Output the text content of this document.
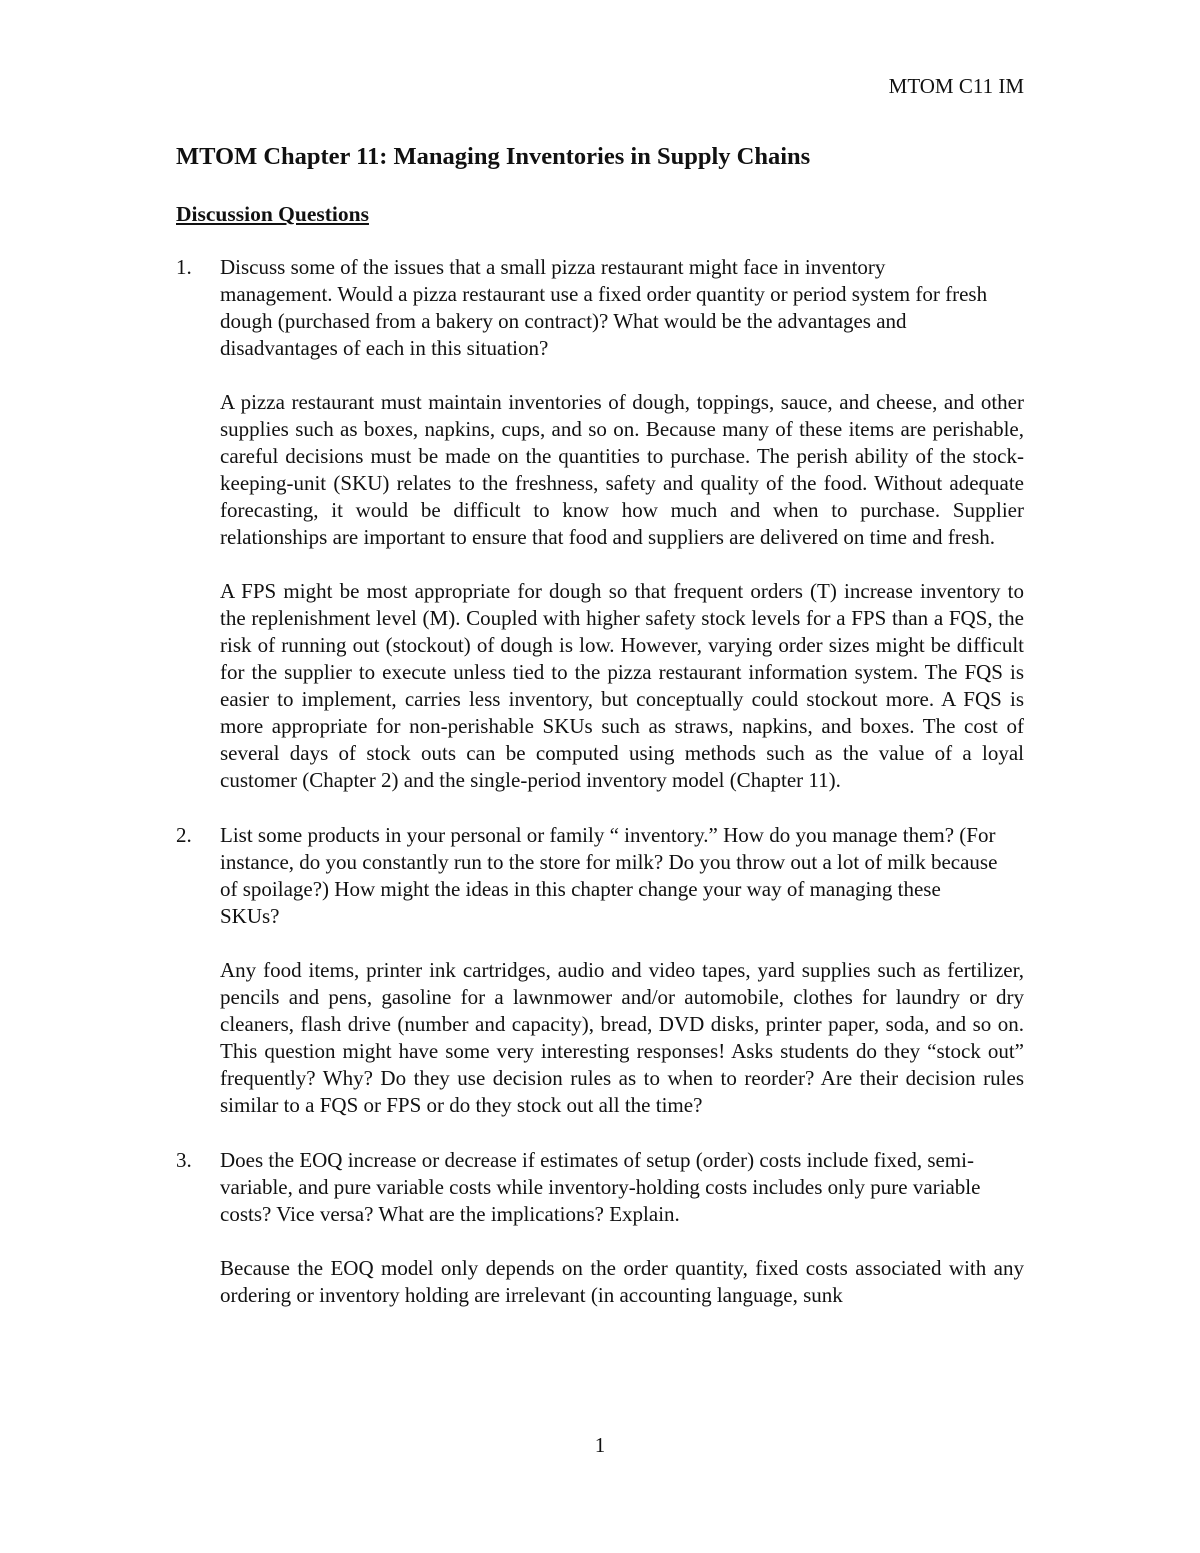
MTOM C11 IM
MTOM Chapter 11: Managing Inventories in Supply Chains
Discussion Questions
1. Discuss some of the issues that a small pizza restaurant might face in inventory management. Would a pizza restaurant use a fixed order quantity or period system for fresh dough (purchased from a bakery on contract)? What would be the advantages and disadvantages of each in this situation?

A pizza restaurant must maintain inventories of dough, toppings, sauce, and cheese, and other supplies such as boxes, napkins, cups, and so on. Because many of these items are perishable, careful decisions must be made on the quantities to purchase. The perish ability of the stock-keeping-unit (SKU) relates to the freshness, safety and quality of the food. Without adequate forecasting, it would be difficult to know how much and when to purchase. Supplier relationships are important to ensure that food and suppliers are delivered on time and fresh.

A FPS might be most appropriate for dough so that frequent orders (T) increase inventory to the replenishment level (M). Coupled with higher safety stock levels for a FPS than a FQS, the risk of running out (stockout) of dough is low. However, varying order sizes might be difficult for the supplier to execute unless tied to the pizza restaurant information system. The FQS is easier to implement, carries less inventory, but conceptually could stockout more. A FQS is more appropriate for non-perishable SKUs such as straws, napkins, and boxes. The cost of several days of stock outs can be computed using methods such as the value of a loyal customer (Chapter 2) and the single-period inventory model (Chapter 11).

2. List some products in your personal or family “ inventory.” How do you manage them? (For instance, do you constantly run to the store for milk? Do you throw out a lot of milk because of spoilage?) How might the ideas in this chapter change your way of managing these SKUs?

Any food items, printer ink cartridges, audio and video tapes, yard supplies such as fertilizer, pencils and pens, gasoline for a lawnmower and/or automobile, clothes for laundry or dry cleaners, flash drive (number and capacity), bread, DVD disks, printer paper, soda, and so on. This question might have some very interesting responses! Asks students do they “stock out” frequently? Why? Do they use decision rules as to when to reorder? Are their decision rules similar to a FQS or FPS or do they stock out all the time?

3. Does the EOQ increase or decrease if estimates of setup (order) costs include fixed, semi-variable, and pure variable costs while inventory-holding costs includes only pure variable costs? Vice versa? What are the implications? Explain.

Because the EOQ model only depends on the order quantity, fixed costs associated with any ordering or inventory holding are irrelevant (in accounting language, sunk

1
